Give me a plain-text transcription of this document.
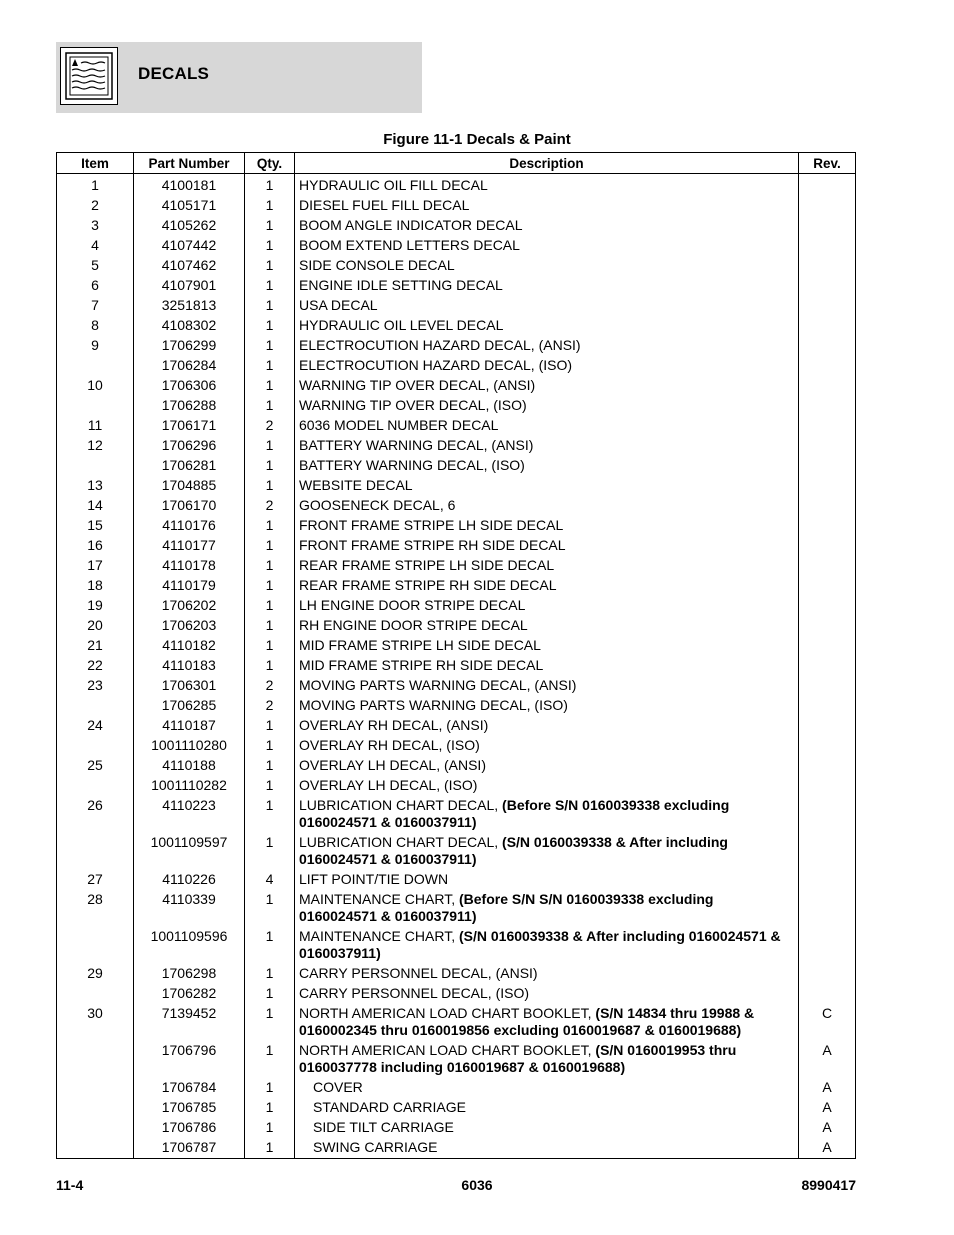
DECALS
Figure 11-1 Decals & Paint
Item	Part Number	Qty.	Description	Rev.
1	4100181	1	HYDRAULIC OIL FILL DECAL	
2	4105171	1	DIESEL FUEL FILL DECAL	
3	4105262	1	BOOM ANGLE INDICATOR DECAL	
4	4107442	1	BOOM EXTEND LETTERS DECAL	
5	4107462	1	SIDE CONSOLE DECAL	
6	4107901	1	ENGINE IDLE SETTING DECAL	
7	3251813	1	USA DECAL	
8	4108302	1	HYDRAULIC OIL LEVEL DECAL	
9	1706299	1	ELECTROCUTION HAZARD DECAL, (ANSI)	
	1706284	1	ELECTROCUTION HAZARD DECAL, (ISO)	
10	1706306	1	WARNING TIP OVER DECAL, (ANSI)	
	1706288	1	WARNING TIP OVER DECAL, (ISO)	
11	1706171	2	6036 MODEL NUMBER DECAL	
12	1706296	1	BATTERY WARNING DECAL, (ANSI)	
	1706281	1	BATTERY WARNING DECAL, (ISO)	
13	1704885	1	WEBSITE DECAL	
14	1706170	2	GOOSENECK DECAL, 6	
15	4110176	1	FRONT FRAME STRIPE LH SIDE DECAL	
16	4110177	1	FRONT FRAME STRIPE RH SIDE DECAL	
17	4110178	1	REAR FRAME STRIPE LH SIDE DECAL	
18	4110179	1	REAR FRAME STRIPE RH SIDE DECAL	
19	1706202	1	LH ENGINE DOOR STRIPE DECAL	
20	1706203	1	RH ENGINE DOOR STRIPE DECAL	
21	4110182	1	MID FRAME STRIPE LH SIDE DECAL	
22	4110183	1	MID FRAME STRIPE RH SIDE DECAL	
23	1706301	2	MOVING PARTS WARNING DECAL, (ANSI)	
	1706285	2	MOVING PARTS WARNING DECAL, (ISO)	
24	4110187	1	OVERLAY RH DECAL, (ANSI)	
	1001110280	1	OVERLAY RH DECAL, (ISO)	
25	4110188	1	OVERLAY LH DECAL, (ANSI)	
	1001110282	1	OVERLAY LH DECAL, (ISO)	
26	4110223	1	LUBRICATION CHART DECAL, (Before S/N 0160039338 excluding 0160024571 & 0160037911)	
	1001109597	1	LUBRICATION CHART DECAL, (S/N 0160039338 & After including 0160024571 & 0160037911)	
27	4110226	4	LIFT POINT/TIE DOWN	
28	4110339	1	MAINTENANCE CHART, (Before S/N S/N 0160039338 excluding 0160024571 & 0160037911)	
	1001109596	1	MAINTENANCE CHART, (S/N 0160039338 & After including 0160024571 & 0160037911)	
29	1706298	1	CARRY PERSONNEL DECAL, (ANSI)	
	1706282	1	CARRY PERSONNEL DECAL, (ISO)	
30	7139452	1	NORTH AMERICAN LOAD CHART BOOKLET, (S/N 14834 thru 19988 & 0160002345 thru 0160019856 excluding 0160019687 & 0160019688)	C
	1706796	1	NORTH AMERICAN LOAD CHART BOOKLET, (S/N 0160019953 thru 0160037778 including 0160019687 & 0160019688)	A
	1706784	1	COVER	A
	1706785	1	STANDARD CARRIAGE	A
	1706786	1	SIDE TILT CARRIAGE	A
	1706787	1	SWING CARRIAGE	A
11-4	6036	8990417
